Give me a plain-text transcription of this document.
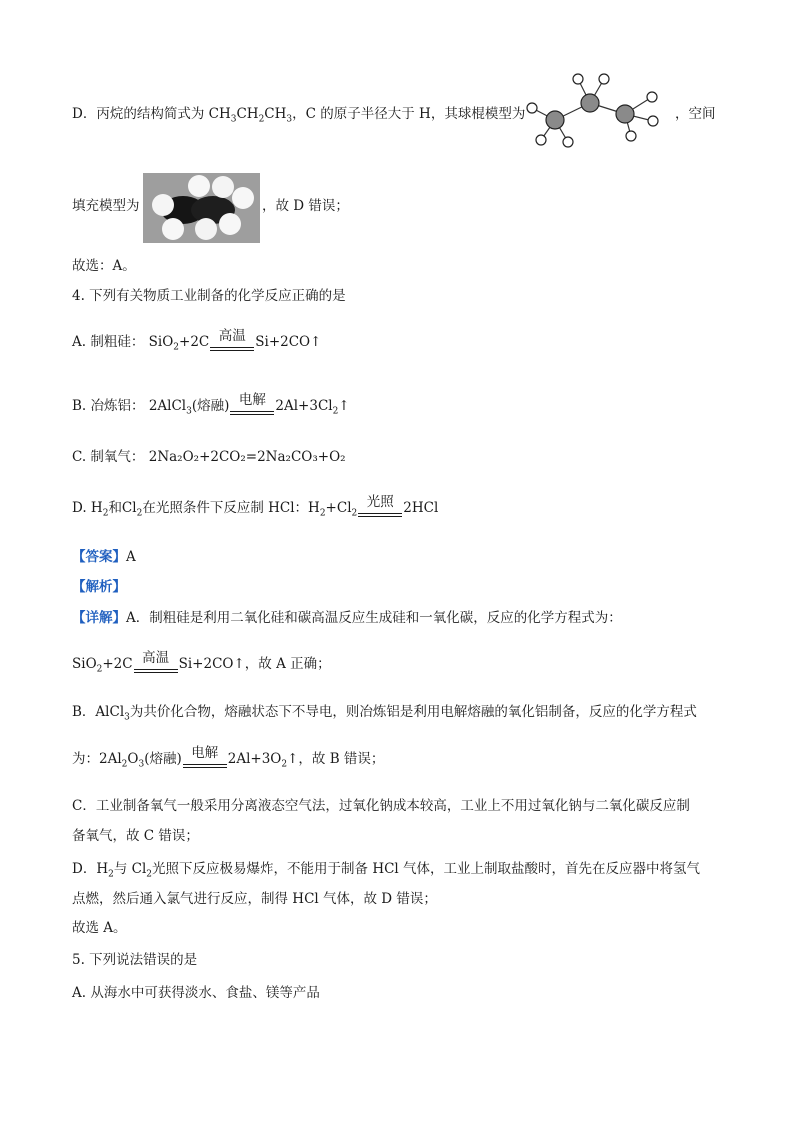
D．丙烷的结构简式为 $CH_3CH_2CH_3$，C 的原子半径大于 H，其球棍模型为	，空间
填充模型为	，故 D 错误；
故选：A。
4. 下列有关物质工业制备的化学反应正确的是
A. 制粗硅： SiO$_2$+2C 高温 Si+2CO↑
B. 冶炼铝： 2AlCl$_3$(熔融) 电解 $2Al+3Cl_2↑$
C. 制氧气： 2Na₂O₂+2CO₂=2Na₂CO₃+O₂
D. $H_2$和$Cl_2$在光照条件下反应制 HCl：$H_2+Cl_2$
光照 2HCl
【答案】A
【解析】
【详解】A．制粗硅是利用二氧化硅和碳高温反应生成硅和一氧化碳，反应的化学方程式为：
SiO$_2$+2C 高温 Si+2CO↑，故 A 正确；
B．AlCl$_3$为共价化合物，熔融状态下不导电，则冶炼铝是利用电解熔融的氧化铝制备，反应的化学方程式
为：$2Al_2O_3$(熔融) 电解 $2Al+3O_2↑$，故 B 错误；
C．工业制备氧气一般采用分离液态空气法，过氧化钠成本较高，工业上不用过氧化钠与二氧化碳反应制
备氧气，故 C 错误；
D．$H_2$与 $Cl_2$光照下反应极易爆炸，不能用于制备 HCl 气体，工业上制取盐酸时，首先在反应器中将氢气
点燃，然后通入氯气进行反应，制得 HCl 气体，故 D 错误；
故选 A。
5. 下列说法错误的是
A. 从海水中可获得淡水、食盐、镁等产品
